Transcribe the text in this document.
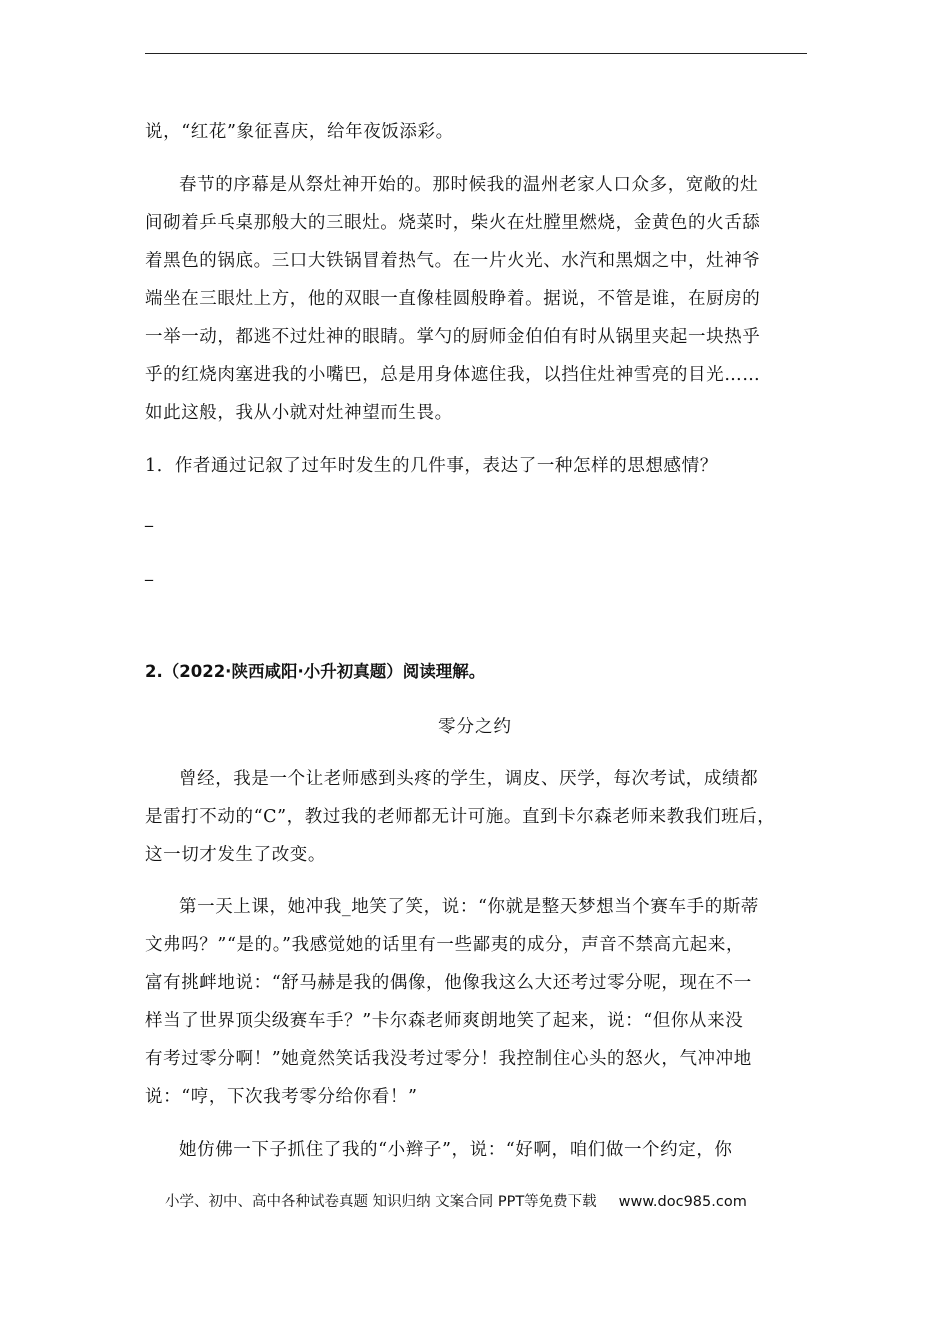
说，“红花”象征喜庆，给年夜饭添彩。
春节的序幕是从祭灶神开始的。那时候我的温州老家人口众多，宽敞的灶
间砌着乒乓桌那般大的三眼灶。烧菜时，柴火在灶膛里燃烧，金黄色的火舌舔
着黑色的锅底。三口大铁锅冒着热气。在一片火光、水汽和黑烟之中，灶神爷
端坐在三眼灶上方，他的双眼一直像桂圆般睁着。据说，不管是谁，在厨房的
一举一动，都逃不过灶神的眼睛。掌勺的厨师金伯伯有时从锅里夹起一块热乎
乎的红烧肉塞进我的小嘴巴，总是用身体遮住我，以挡住灶神雪亮的目光……
如此这般，我从小就对灶神望而生畏。
1．作者通过记叙了过年时发生的几件事，表达了一种怎样的思想感情？
_
_
2.（2022·陕西咸阳·小升初真题）阅读理解。
零分之约
曾经，我是一个让老师感到头疼的学生，调皮、厌学，每次考试，成绩都
是雷打不动的“C”，教过我的老师都无计可施。直到卡尔森老师来教我们班后，
这一切才发生了改变。
第一天上课，她冲我_地笑了笑，说：“你就是整天梦想当个赛车手的斯蒂
文弗吗？”“是的。”我感觉她的话里有一些鄙夷的成分，声音不禁高亢起来，
富有挑衅地说：“舒马赫是我的偶像，他像我这么大还考过零分呢，现在不一
样当了世界顶尖级赛车手？”卡尔森老师爽朗地笑了起来，说：“但你从来没
有考过零分啊！”她竟然笑话我没考过零分！我控制住心头的怒火，气冲冲地
说：“哼，下次我考零分给你看！”
她仿佛一下子抓住了我的“小辫子”，说：“好啊，咱们做一个约定，你
小学、初中、高中各种试卷真题 知识归纳 文案合同 PPT等免费下载 www.doc985.com
